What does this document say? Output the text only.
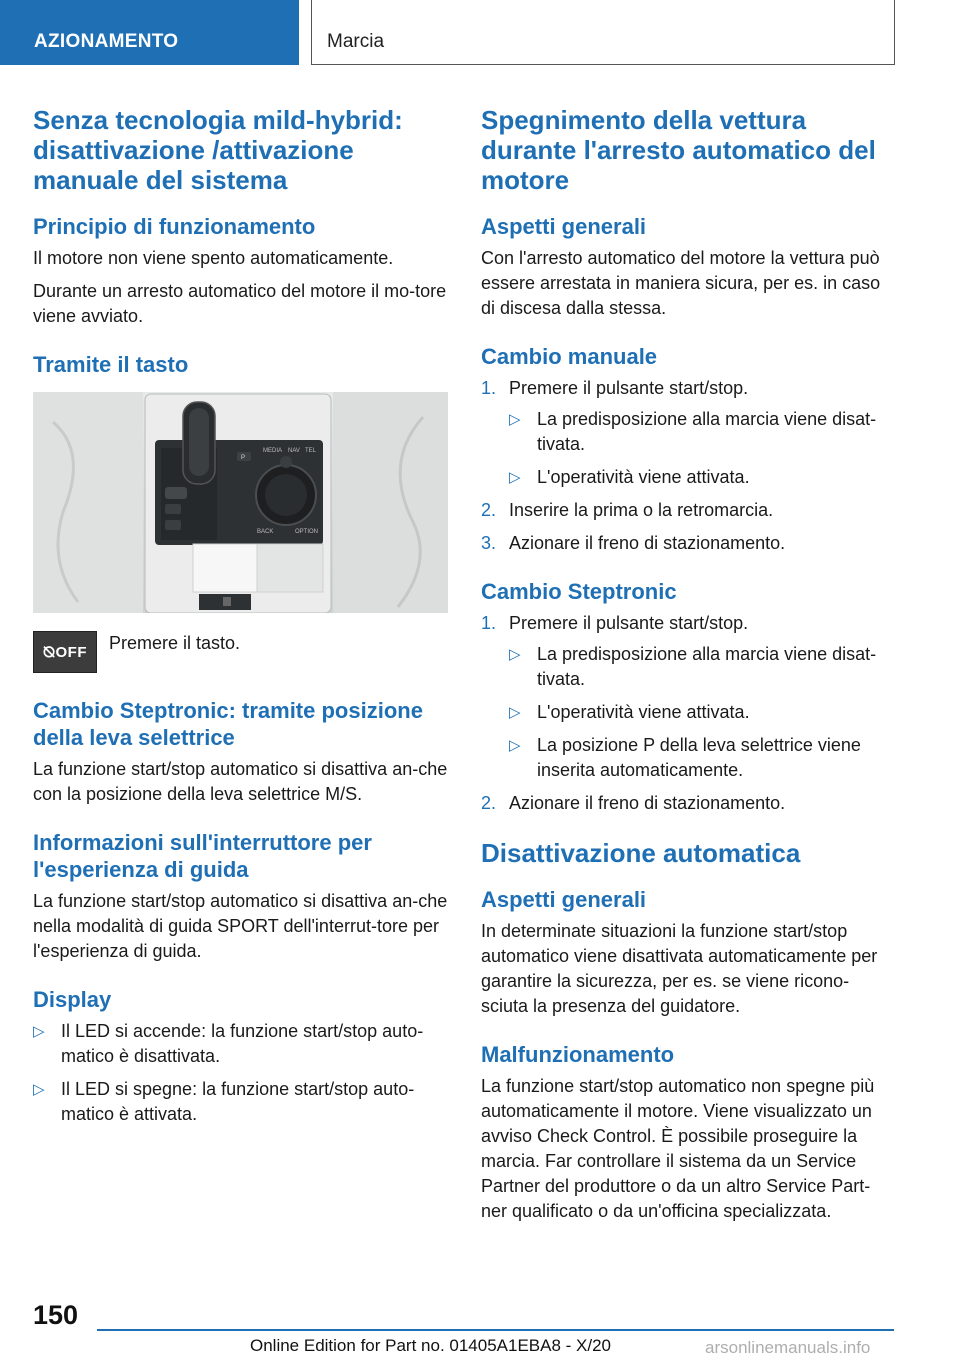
AZIONAMENTO	Marcia
Senza tecnologia mild-hybrid: disattivazione /attivazione manuale del sistema
Principio di funzionamento

Il motore non viene spento automaticamente.

Durante un arresto automatico del motore il mo-tore viene avviato.

Tramite il tasto
MEDIA NAV TEL
BACK	OPTION
P
⦰OFF	Premere il tasto.

Cambio Steptronic: tramite posizione della leva selettrice

La funzione start/stop automatico si disattiva an-che con la posizione della leva selettrice M/S.

Informazioni sull'interruttore per l'esperienza di guida

La funzione start/stop automatico si disattiva an-che nella modalità di guida SPORT dell'interrut-tore per l'esperienza di guida.

Display
▷ Il LED si accende: la funzione start/stop auto-matico è disattivata.
▷ Il LED si spegne: la funzione start/stop auto-matico è attivata.
Spegnimento della vettura durante l'arresto automatico del motore
Aspetti generali

Con l'arresto automatico del motore la vettura può essere arrestata in maniera sicura, per es. in caso di discesa dalla stessa.

Cambio manuale
1. Premere il pulsante start/stop.
▷ La predisposizione alla marcia viene disat-tivata.
▷ L'operatività viene attivata.
2. Inserire la prima o la retromarcia.
3. Azionare il freno di stazionamento.
Cambio Steptronic
1. Premere il pulsante start/stop.
▷ La predisposizione alla marcia viene disat-tivata.
▷ L'operatività viene attivata.
▷ La posizione P della leva selettrice viene inserita automaticamente.
2. Azionare il freno di stazionamento.
Disattivazione automatica
Aspetti generali

In determinate situazioni la funzione start/stop automatico viene disattivata automaticamente per garantire la sicurezza, per es. se viene ricono-sciuta la presenza del guidatore.

Malfunzionamento

La funzione start/stop automatico non spegne più automaticamente il motore. Viene visualizzato un avviso Check Control. È possibile proseguire la marcia. Far controllare il sistema da un Service Partner del produttore o da un altro Service Part-ner qualificato o da un'officina specializzata.

150
Online Edition for Part no. 01405A1EBA8 - X/20	arsonlinemanuals.info
